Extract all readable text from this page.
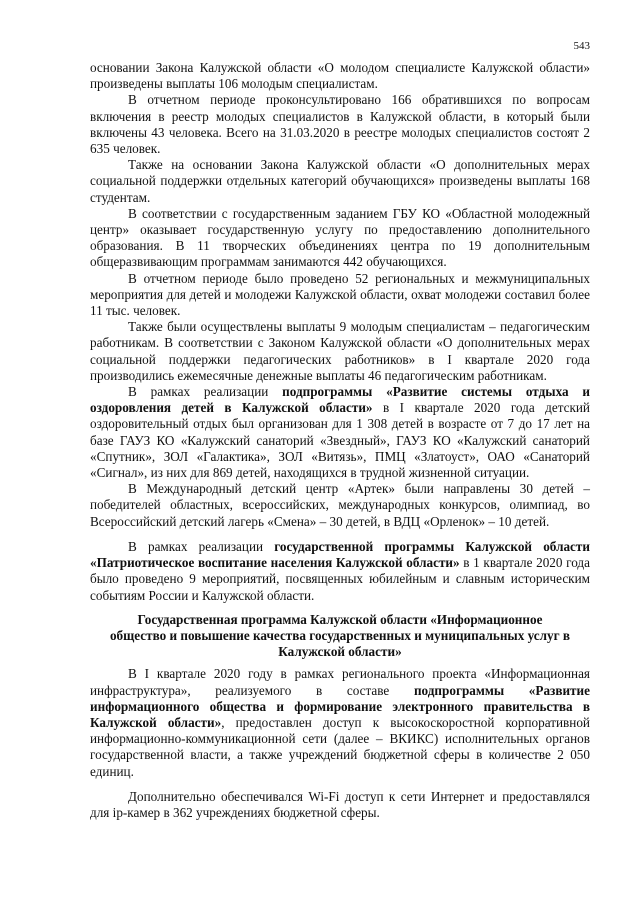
543

основании Закона Калужской области «О молодом специалисте Калужской области» произведены выплаты 106 молодым специалистам.

В отчетном периоде проконсультировано 166 обратившихся по вопросам включения в реестр молодых специалистов в Калужской области, в который были включены 43 человека. Всего на 31.03.2020 в реестре молодых специалистов состоят 2 635 человек.

Также на основании Закона Калужской области «О дополнительных мерах социальной поддержки отдельных категорий обучающихся» произведены выплаты 168 студентам.

В соответствии с государственным заданием ГБУ КО «Областной молодежный центр» оказывает государственную услугу по предоставлению дополнительного образования. В 11 творческих объединениях центра по 19 дополнительным общеразвивающим программам занимаются 442 обучающихся.

В отчетном периоде было проведено 52 региональных и межмуниципальных мероприятия для детей и молодежи Калужской области, охват молодежи составил более 11 тыс. человек.

Также были осуществлены выплаты 9 молодым специалистам – педагогическим работникам. В соответствии с Законом Калужской области «О дополнительных мерах социальной поддержки педагогических работников» в I квартале 2020 года производились ежемесячные денежные выплаты 46 педагогическим работникам.

В рамках реализации подпрограммы «Развитие системы отдыха и оздоровления детей в Калужской области» в I квартале 2020 года детский оздоровительный отдых был организован для 1 308 детей в возрасте от 7 до 17 лет на базе ГАУЗ КО «Калужский санаторий «Звездный», ГАУЗ КО «Калужский санаторий «Спутник», ЗОЛ «Галактика», ЗОЛ «Витязь», ПМЦ «Златоуст», ОАО «Санаторий «Сигнал», из них для 869 детей, находящихся в трудной жизненной ситуации.

В Международный детский центр «Артек» были направлены 30 детей – победителей областных, всероссийских, международных конкурсов, олимпиад, во Всероссийский детский лагерь «Смена» – 30 детей, в ВДЦ «Орленок» – 10 детей.

В рамках реализации государственной программы Калужской области «Патриотическое воспитание населения Калужской области» в 1 квартале 2020 года было проведено 9 мероприятий, посвященных юбилейным и славным историческим событиям России и Калужской области.

Государственная программа Калужской области «Информационное
общество и повышение качества государственных и муниципальных услуг в
Калужской области»

В I квартале 2020 году в рамках регионального проекта «Информационная инфраструктура», реализуемого в составе подпрограммы «Развитие информационного общества и формирование электронного правительства в Калужской области», предоставлен доступ к высокоскоростной корпоративной информационно-коммуникационной сети (далее – ВКИКС) исполнительных органов государственной власти, а также учреждений бюджетной сферы в количестве 2 050 единиц.

Дополнительно обеспечивался Wi-Fi доступ к сети Интернет и предоставлялся для ip-камер в 362 учреждениях бюджетной сферы.
